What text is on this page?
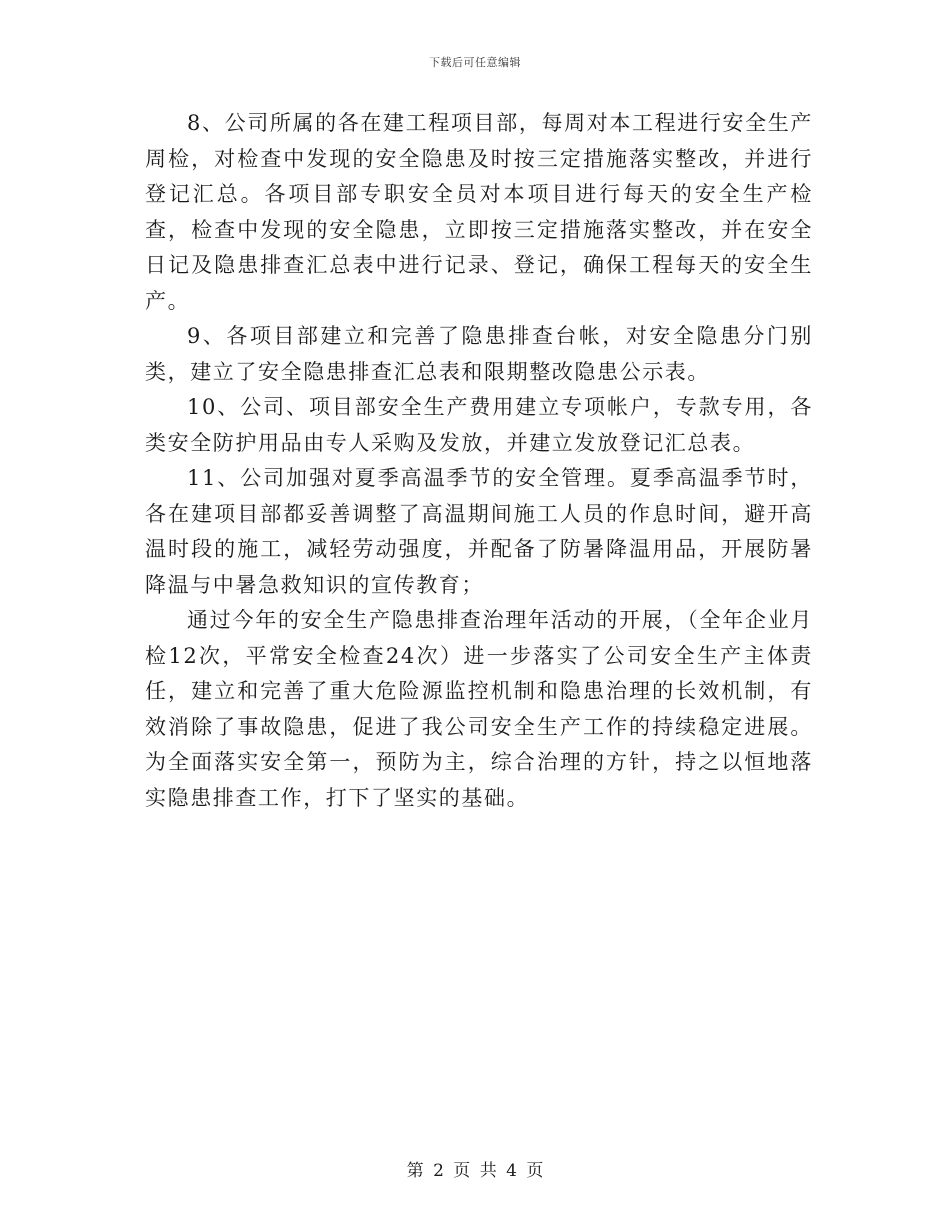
下载后可任意编辑

8、公司所属的各在建工程项目部，每周对本工程进行安全生产周检，对检查中发现的安全隐患及时按三定措施落实整改，并进行登记汇总。各项目部专职安全员对本项目进行每天的安全生产检查，检查中发现的安全隐患，立即按三定措施落实整改，并在安全日记及隐患排查汇总表中进行记录、登记，确保工程每天的安全生产。

9、各项目部建立和完善了隐患排查台帐，对安全隐患分门别类，建立了安全隐患排查汇总表和限期整改隐患公示表。

10、公司、项目部安全生产费用建立专项帐户，专款专用，各类安全防护用品由专人采购及发放，并建立发放登记汇总表。

11、公司加强对夏季高温季节的安全管理。夏季高温季节时，各在建项目部都妥善调整了高温期间施工人员的作息时间，避开高温时段的施工，减轻劳动强度，并配备了防暑降温用品，开展防暑降温与中暑急救知识的宣传教育；

通过今年的安全生产隐患排查治理年活动的开展，（全年企业月检12次，平常安全检查24次）进一步落实了公司安全生产主体责任，建立和完善了重大危险源监控机制和隐患治理的长效机制，有效消除了事故隐患，促进了我公司安全生产工作的持续稳定进展。为全面落实安全第一，预防为主，综合治理的方针，持之以恒地落实隐患排查工作，打下了坚实的基础。

第 2 页 共 4 页
